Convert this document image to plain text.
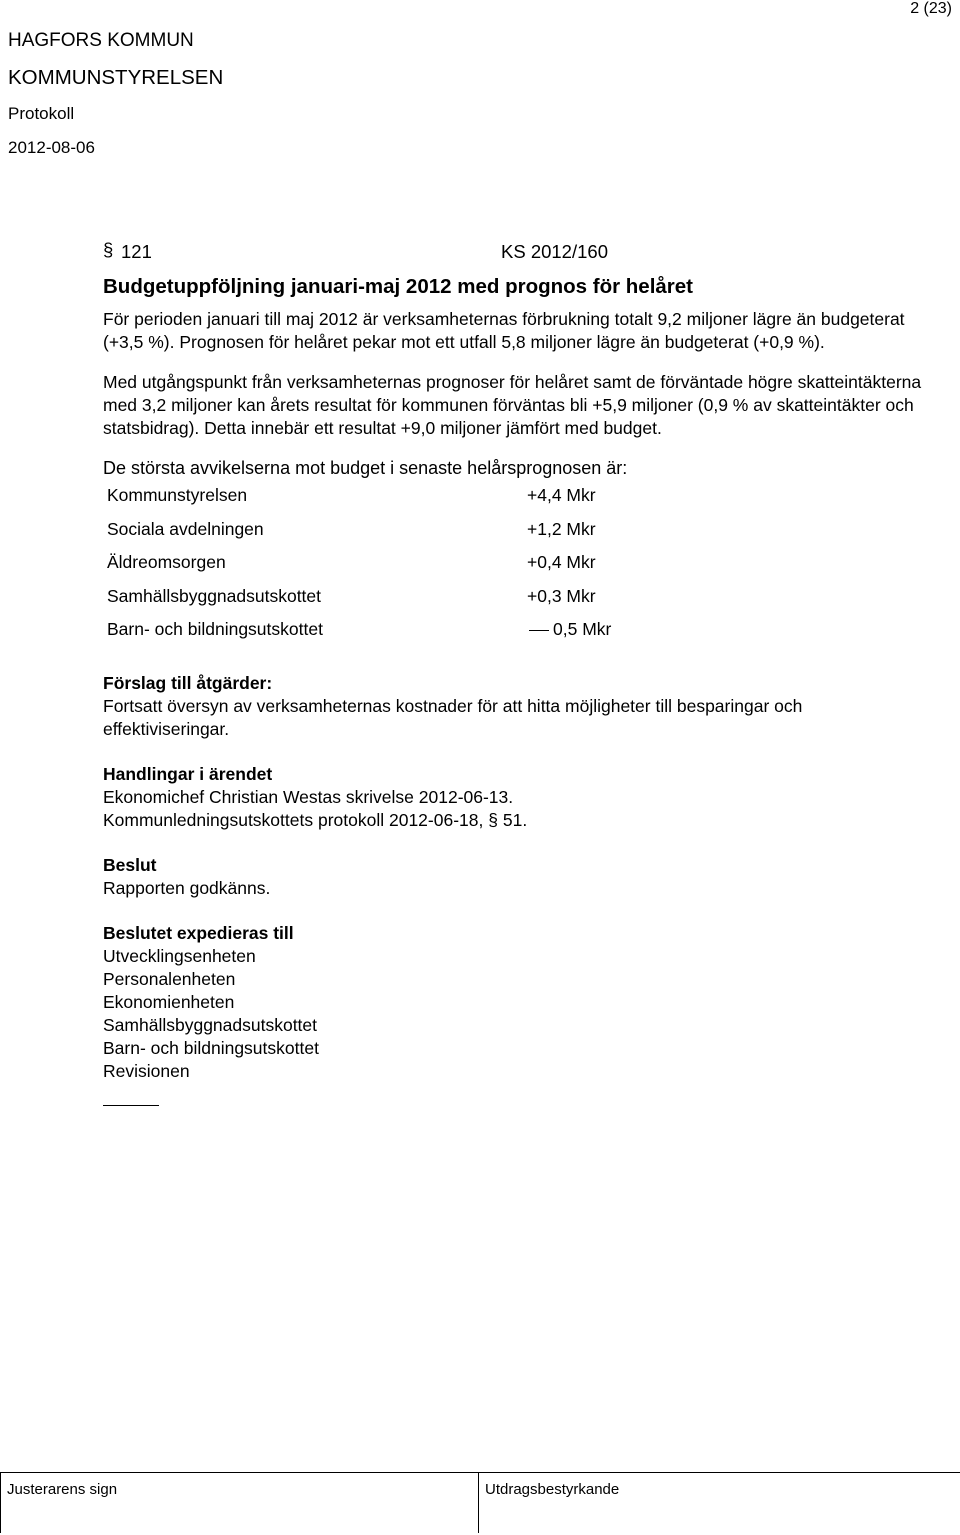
2 (23)
HAGFORS KOMMUN
KOMMUNSTYRELSEN
Protokoll
2012-08-06
§ 121	KS 2012/160
Budgetuppföljning januari-maj 2012 med prognos för helåret

För perioden januari till maj 2012 är verksamheternas förbrukning totalt 9,2 miljoner lägre än budgeterat (+3,5 %). Prognosen för helåret pekar mot ett utfall 5,8 miljoner lägre än budgeterat (+0,9 %).

Med utgångspunkt från verksamheternas prognoser för helåret samt de förväntade högre skatteintäkterna med 3,2 miljoner kan årets resultat för kommunen förväntas bli +5,9 miljoner (0,9 % av skatteintäkter och statsbidrag). Detta innebär ett resultat +9,0 miljoner jämfört med budget.

De största avvikelserna mot budget i senaste helårsprognosen är:

Kommunstyrelsen	+4,4 Mkr
Sociala avdelningen	+1,2 Mkr
Äldreomsorgen	+0,4 Mkr
Samhällsbyggnadsutskottet	+0,3 Mkr
Barn- och bildningsutskottet	0,5 Mkr

Förslag till åtgärder:

Fortsatt översyn av verksamheternas kostnader för att hitta möjligheter till besparingar och effektiviseringar.

Handlingar i ärendet

Ekonomichef Christian Westas skrivelse 2012-06-13.

Kommunledningsutskottets protokoll 2012-06-18, § 51.

Beslut

Rapporten godkänns.

Beslutet expedieras till

Utvecklingsenheten

Personalenheten

Ekonomienheten

Samhällsbyggnadsutskottet

Barn- och bildningsutskottet

Revisionen

Justerarens sign	Utdragsbestyrkande
